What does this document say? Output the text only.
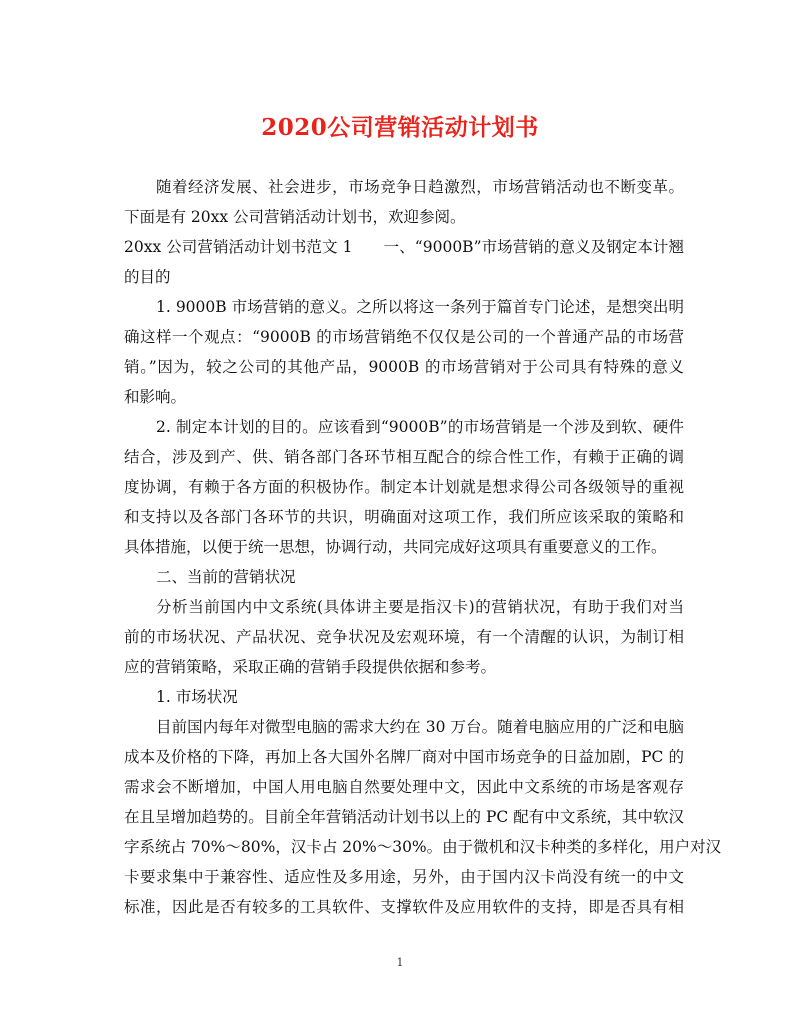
2020公司营销活动计划书
随着经济发展、社会进步，市场竞争日趋激烈，市场营销活动也不断变革。
下面是有 20xx 公司营销活动计划书，欢迎参阅。
20xx 公司营销活动计划书范文 1　　一、“9000B”市场营销的意义及钢定本计翘
的目的
1. 9000B 市场营销的意义。之所以将这一条列于篇首专门论述，是想突出明
确这样一个观点：“9000B 的市场营销绝不仅仅是公司的一个普通产品的市场营
销。”因为，较之公司的其他产品，9000B 的市场营销对于公司具有特殊的意义
和影响。
2. 制定本计划的目的。应该看到“9000B”的市场营销是一个涉及到软、硬件
结合，涉及到产、供、销各部门各环节相互配合的综合性工作，有赖于正确的调
度协调，有赖于各方面的积极协作。制定本计划就是想求得公司各级领导的重视
和支持以及各部门各环节的共识，明确面对这项工作，我们所应该采取的策略和
具体措施，以便于统一思想，协调行动，共同完成好这项具有重要意义的工作。
二、当前的营销状况
分析当前国内中文系统(具体讲主要是指汉卡)的营销状况，有助于我们对当
前的市场状况、产品状况、竞争状况及宏观环境，有一个清醒的认识，为制订相
应的营销策略，采取正确的营销手段提供依据和参考。
1. 市场状况
目前国内每年对微型电脑的需求大约在 30 万台。随着电脑应用的广泛和电脑
成本及价格的下降，再加上各大国外名牌厂商对中国市场竞争的日益加剧，PC 的
需求会不断增加，中国人用电脑自然要处理中文，因此中文系统的市场是客观存
在且呈增加趋势的。目前全年营销活动计划书以上的 PC 配有中文系统，其中软汉
字系统占 70%～80%，汉卡占 20%～30%。由于微机和汉卡种类的多样化，用户对汉
卡要求集中于兼容性、适应性及多用途，另外，由于国内汉卡尚没有统一的中文
标准，因此是否有较多的工具软件、支撑软件及应用软件的支持，即是否具有相
1
